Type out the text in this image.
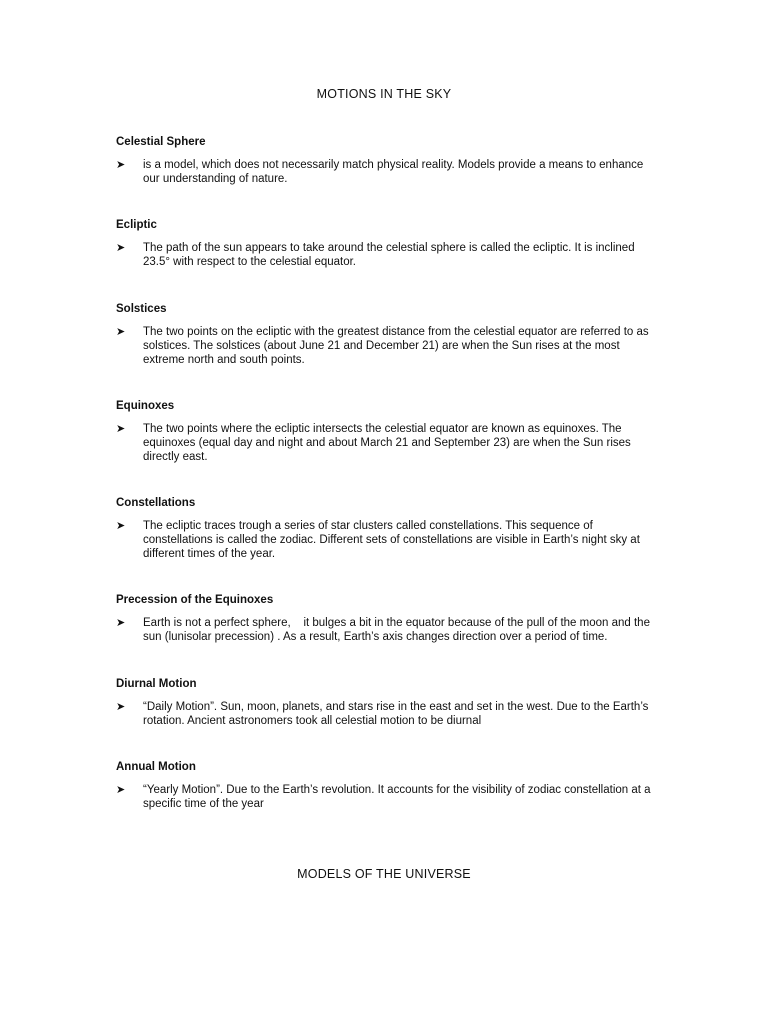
MOTIONS IN THE SKY

Celestial Sphere

➤ is a model, which does not necessarily match physical reality. Models provide a means to enhance our understanding of nature.

Ecliptic

➤ The path of the sun appears to take around the celestial sphere is called the ecliptic. It is inclined 23.5° with respect to the celestial equator.

Solstices

➤ The two points on the ecliptic with the greatest distance from the celestial equator are referred to as solstices. The solstices (about June 21 and December 21) are when the Sun rises at the most extreme north and south points.

Equinoxes

➤ The two points where the ecliptic intersects the celestial equator are known as equinoxes. The equinoxes (equal day and night and about March 21 and September 23) are when the Sun rises directly east.

Constellations

➤ The ecliptic traces trough a series of star clusters called constellations. This sequence of constellations is called the zodiac. Different sets of constellations are visible in Earth’s night sky at different times of the year.

Precession of the Equinoxes

➤ Earth is not a perfect sphere,    it bulges a bit in the equator because of the pull of the moon and the sun (lunisolar precession) . As a result, Earth’s axis changes direction over a period of time.

Diurnal Motion

➤ “Daily Motion”. Sun, moon, planets, and stars rise in the east and set in the west. Due to the Earth’s rotation. Ancient astronomers took all celestial motion to be diurnal

Annual Motion

➤ “Yearly Motion”. Due to the Earth’s revolution. It accounts for the visibility of zodiac constellation at a specific time of the year
MODELS OF THE UNIVERSE
